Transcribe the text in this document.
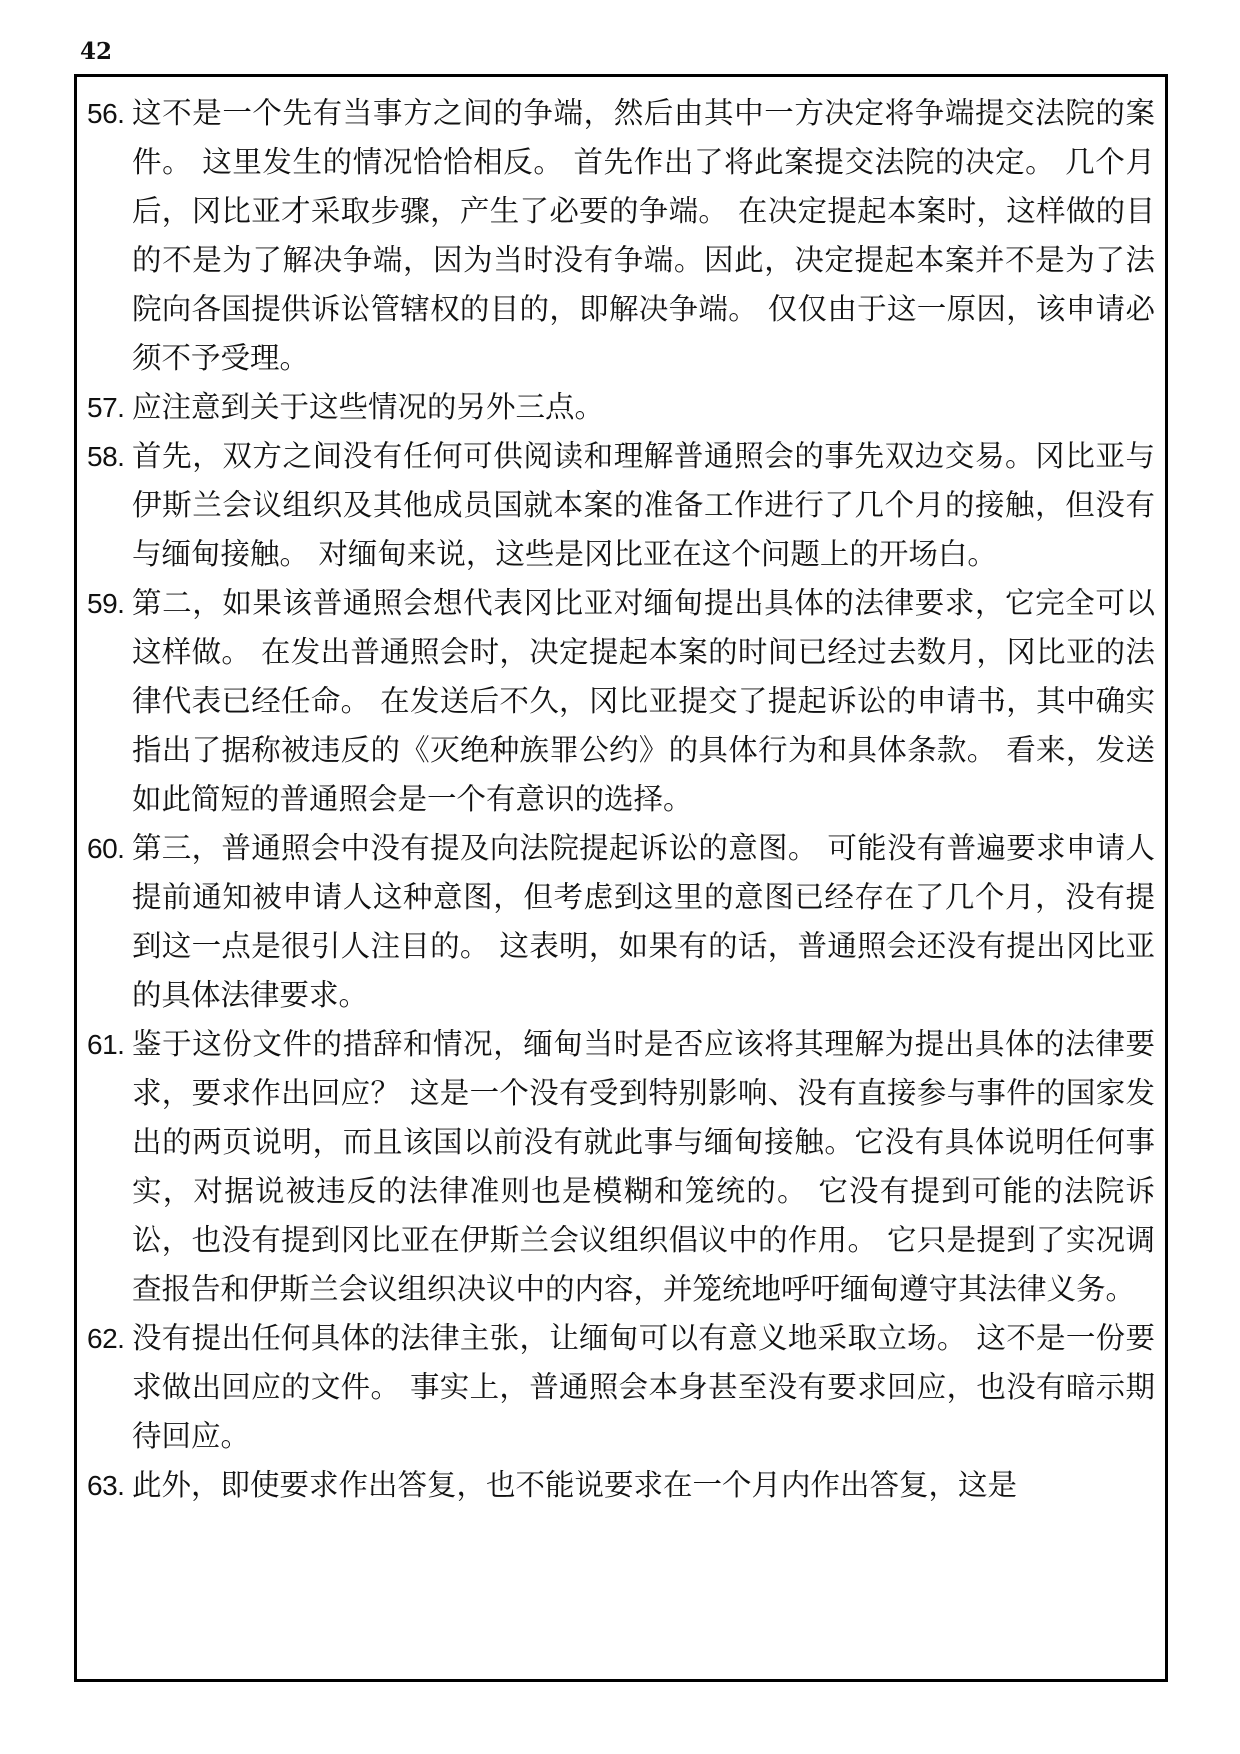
42

56. 这不是一个先有当事方之间的争端，然后由其中一方决定将争端提交法院的案件。 这里发生的情况恰恰相反。 首先作出了将此案提交法院的决定。 几个月后，冈比亚才采取步骤，产生了必要的争端。 在决定提起本案时，这样做的目的不是为了解决争端，因为当时没有争端。因此，决定提起本案并不是为了法院向各国提供诉讼管辖权的目的，即解决争端。 仅仅由于这一原因，该申请必须不予受理。

57. 应注意到关于这些情况的另外三点。

58. 首先，双方之间没有任何可供阅读和理解普通照会的事先双边交易。冈比亚与伊斯兰会议组织及其他成员国就本案的准备工作进行了几个月的接触，但没有与缅甸接触。 对缅甸来说，这些是冈比亚在这个问题上的开场白。

59. 第二，如果该普通照会想代表冈比亚对缅甸提出具体的法律要求，它完全可以这样做。 在发出普通照会时，决定提起本案的时间已经过去数月，冈比亚的法律代表已经任命。 在发送后不久，冈比亚提交了提起诉讼的申请书，其中确实指出了据称被违反的《灭绝种族罪公约》的具体行为和具体条款。 看来，发送如此简短的普通照会是一个有意识的选择。

60. 第三，普通照会中没有提及向法院提起诉讼的意图。 可能没有普遍要求申请人提前通知被申请人这种意图，但考虑到这里的意图已经存在了几个月，没有提到这一点是很引人注目的。 这表明，如果有的话，普通照会还没有提出冈比亚的具体法律要求。

61. 鉴于这份文件的措辞和情况，缅甸当时是否应该将其理解为提出具体的法律要求，要求作出回应？ 这是一个没有受到特别影响、没有直接参与事件的国家发出的两页说明，而且该国以前没有就此事与缅甸接触。它没有具体说明任何事实，对据说被违反的法律准则也是模糊和笼统的。 它没有提到可能的法院诉讼，也没有提到冈比亚在伊斯兰会议组织倡议中的作用。 它只是提到了实况调查报告和伊斯兰会议组织决议中的内容，并笼统地呼吁缅甸遵守其法律义务。

62. 没有提出任何具体的法律主张，让缅甸可以有意义地采取立场。 这不是一份要求做出回应的文件。 事实上，普通照会本身甚至没有要求回应，也没有暗示期待回应。

63. 此外，即使要求作出答复，也不能说要求在一个月内作出答复，这是
